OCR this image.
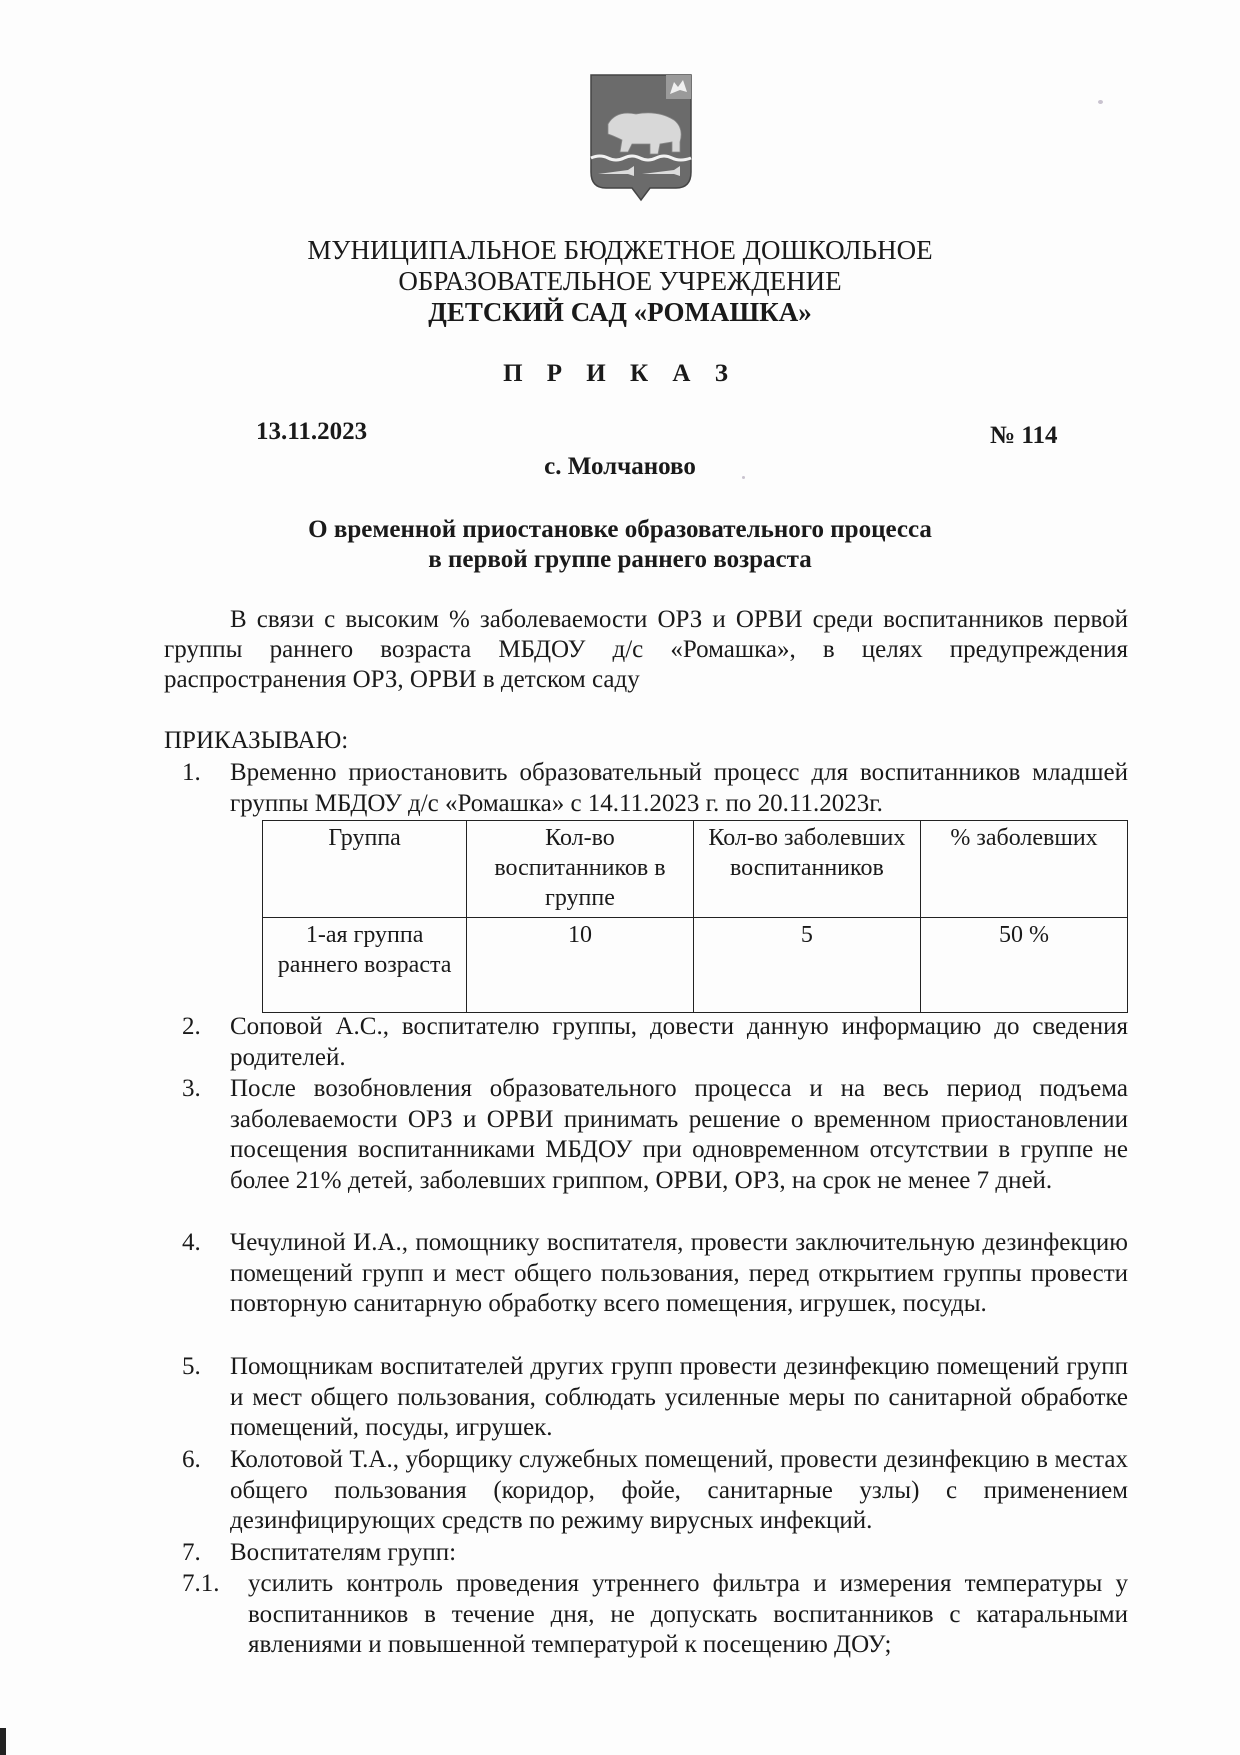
МУНИЦИПАЛЬНОЕ БЮДЖЕТНОЕ ДОШКОЛЬНОЕ
ОБРАЗОВАТЕЛЬНОЕ УЧРЕЖДЕНИЕ
ДЕТСКИЙ САД «РОМАШКА»
П Р И К А З
13.11.2023	№ 114
с. Молчаново
О временной приостановке образовательного процесса
в первой группе раннего возраста
В связи с высоким % заболеваемости ОРЗ и ОРВИ среди воспитанников первой группы раннего возраста МБДОУ д/с «Ромашка», в целях предупреждения распространения ОРЗ, ОРВИ в детском саду
ПРИКАЗЫВАЮ:
1. Временно приостановить образовательный процесс для воспитанников младшей группы МБДОУ д/с «Ромашка» с 14.11.2023 г. по 20.11.2023г.
Группа	Кол-во воспитанников в группе	Кол-во заболевших воспитанников	% заболевших
1-ая группа раннего возраста	10	5	50 %
2. Соповой А.С., воспитателю группы, довести данную информацию до сведения родителей.
3. После возобновления образовательного процесса и на весь период подъема заболеваемости ОРЗ и ОРВИ принимать решение о временном приостановлении посещения воспитанниками МБДОУ при одновременном отсутствии в группе не более 21% детей, заболевших гриппом, ОРВИ, ОРЗ, на срок не менее 7 дней.
4. Чечулиной И.А., помощнику воспитателя, провести заключительную дезинфекцию помещений групп и мест общего пользования, перед открытием группы провести повторную санитарную обработку всего помещения, игрушек, посуды.
5. Помощникам воспитателей других групп провести дезинфекцию помещений групп и мест общего пользования, соблюдать усиленные меры по санитарной обработке помещений, посуды, игрушек.
6. Колотовой Т.А., уборщику служебных помещений, провести дезинфекцию в местах общего пользования (коридор, фойе, санитарные узлы) с применением дезинфицирующих средств по режиму вирусных инфекций.
7. Воспитателям групп:
7.1. усилить контроль проведения утреннего фильтра и измерения температуры у воспитанников в течение дня, не допускать воспитанников с катаральными явлениями и повышенной температурой к посещению ДОУ;
